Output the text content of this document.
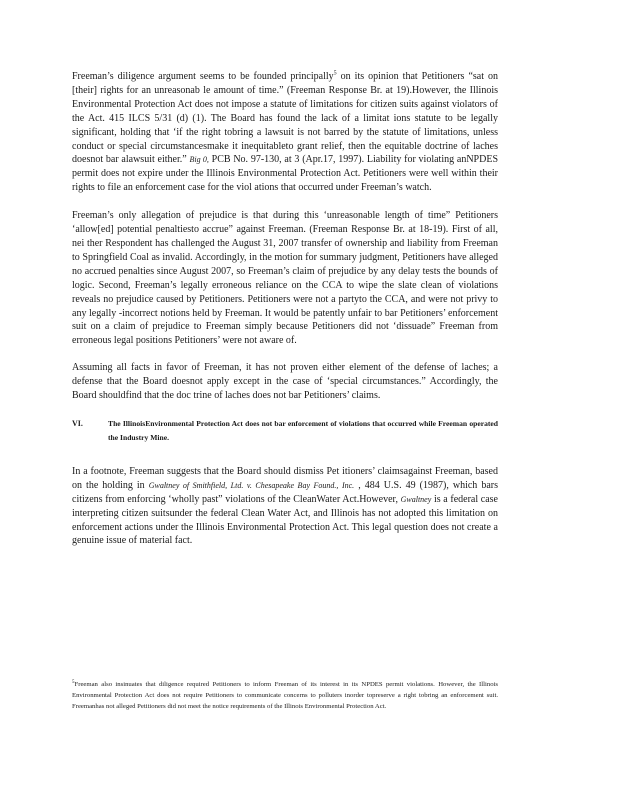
Freeman’s diligence argument seems to be founded principally$^5$ on its opinion that Petitioners “sat on [their] rights for an unreasonab le amount of time.” (Freeman Response Br. at 19).However, the Illinois Environmental Protection Act does not impose a statute of limitations for citizen suits against violators of the Act. 415 ILCS 5/31 (d) (1). The Board has found the lack of a limitat ions statute to be legally significant, holding that ‘if the right tobring a lawsuit is not barred by the statute of limitations, unless conduct or special circumstancesmake it inequitableto grant relief, then the equitable doctrine of laches doesnot bar alawsuit either.” Big 0, PCB No. 97-130, at 3 (Apr.17, 1997). Liability for violating anNPDES permit does not expire under the Illinois Environmental Protection Act. Petitioners were well within their rights to file an enforcement case for the viol ations that occurred under Freeman’s watch.

Freeman’s only allegation of prejudice is that during this ‘unreasonable length of time” Petitioners ‘allow[ed] potential penaltiesto accrue” against Freeman. (Freeman Response Br. at 18-19). First of all, nei ther Respondent has challenged the August 31, 2007 transfer of ownership and liability from Freeman to Springfield Coal as invalid. Accordingly, in the motion for summary judgment, Petitioners have alleged no accrued penalties since August 2007, so Freeman’s claim of prejudice by any delay tests the bounds of logic. Second, Freeman’s legally erroneous reliance on the CCA to wipe the slate clean of violations reveals no prejudice caused by Petitioners. Petitioners were not a partyto the CCA, and were not privy to any legally -incorrect notions held by Freeman. It would be patently unfair to bar Petitioners’ enforcement suit on a claim of prejudice to Freeman simply because Petitioners did not ‘dissuade” Freeman from erroneous legal positions Petitioners’ were not aware of.

Assuming all facts in favor of Freeman, it has not proven either element of the defense of laches; a defense that the Board doesnot apply except in the case of ‘special circumstances.” Accordingly, the Board shouldfind that the doc trine of laches does not bar Petitioners’ claims.

VI.	The IllinoisEnvironmental Protection Act does not bar enforcement of violations that occurred while Freeman operated the Industry Mine.

In a footnote, Freeman suggests that the Board should dismiss Pet itioners’ claimsagainst Freeman, based on the holding in Gwaltney of Smithfield, Ltd. v. Chesapeake Bay Found., Inc. , 484 U.S. 49 (1987), which bars citizens from enforcing ‘wholly past” violations of the CleanWater Act.However, Gwaltney is a federal case interpreting citizen suitsunder the federal Clean Water Act, and Illinois has not adopted this limitation on enforcement actions under the Illinois Environmental Protection Act. This legal question does not create a genuine issue of material fact.

$^5$Freeman also insinuates that diligence required Petitioners to inform Freeman of its interest in its NPDES permit violations. However, the Illinois Environmental Protection Act does not require Petitioners to communicate concerns to polluters inorder topreserve a right tobring an enforcement suit. Freemanhas not alleged Petitioners did not meet the notice requirements of the Illinois Environmental Protection Act.
